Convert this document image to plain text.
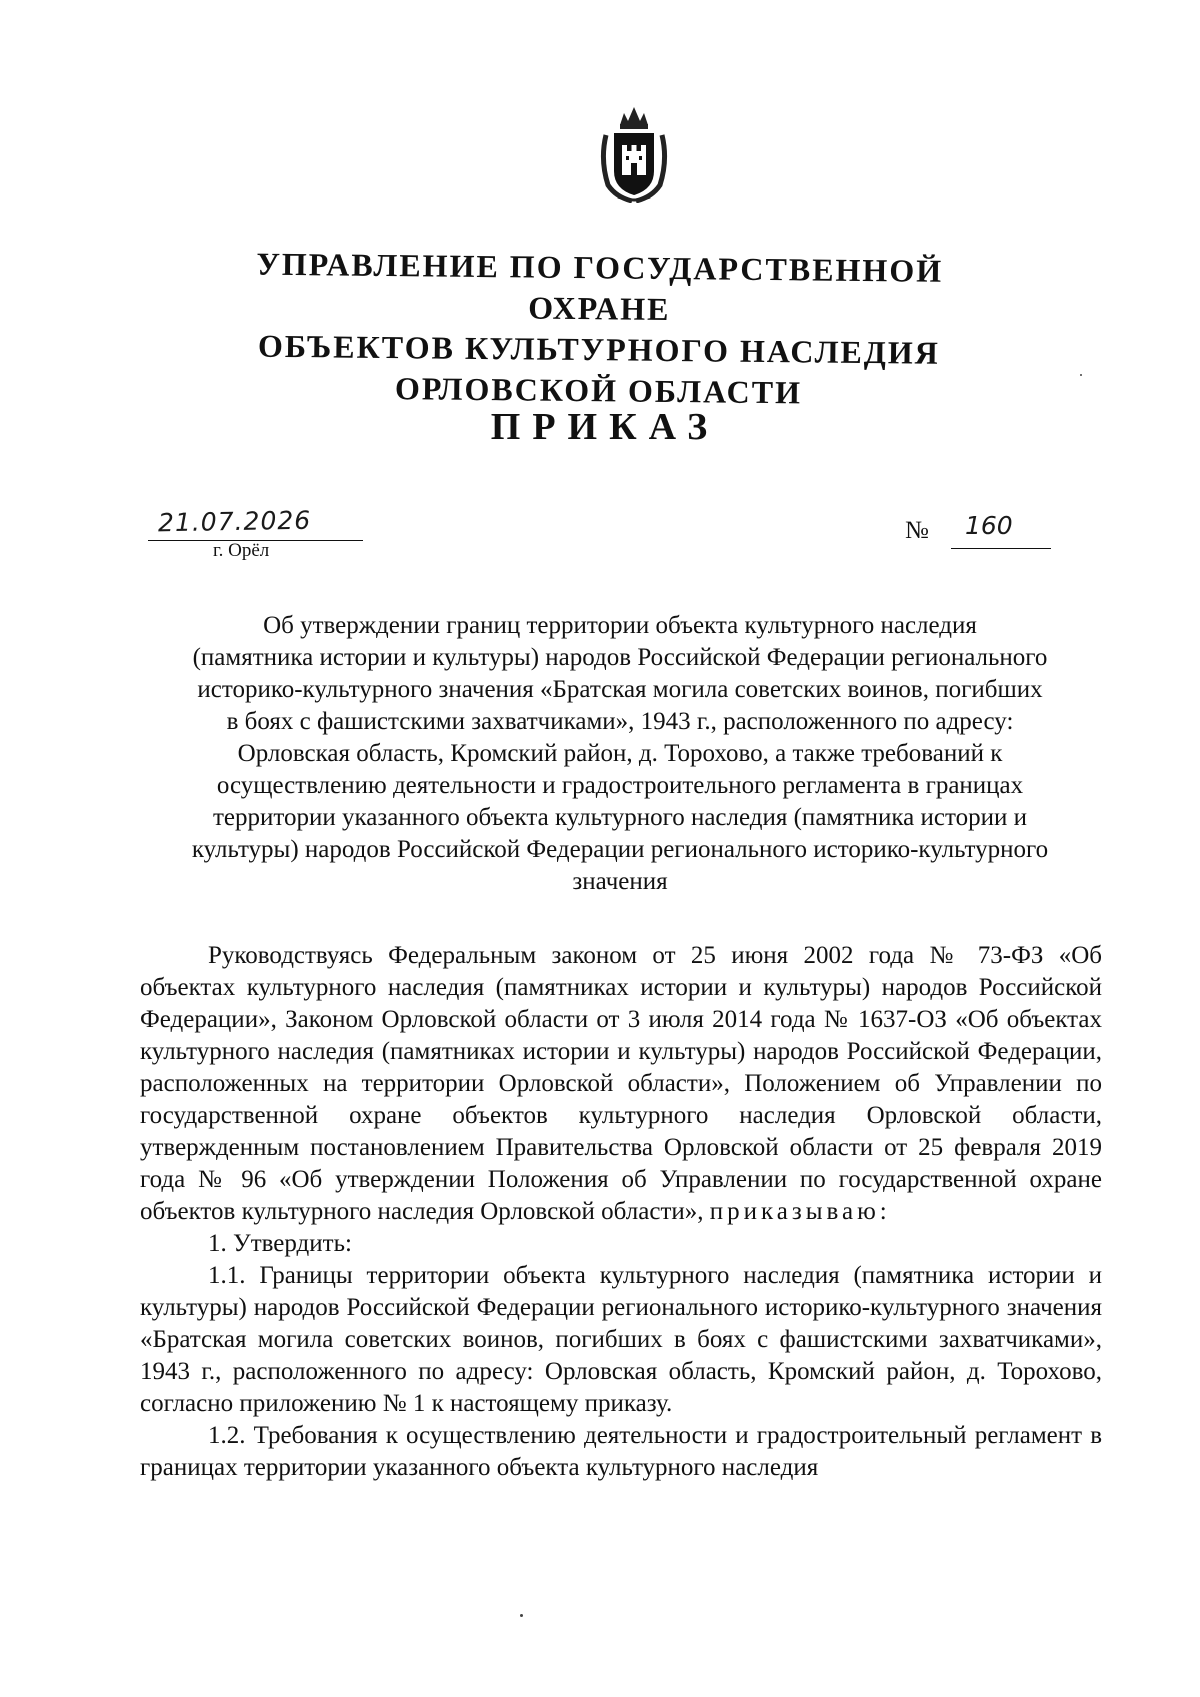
УПРАВЛЕНИЕ ПО ГОСУДАРСТВЕННОЙ ОХРАНЕ
ОБЪЕКТОВ КУЛЬТУРНОГО НАСЛЕДИЯ
ОРЛОВСКОЙ ОБЛАСТИ
ПРИКАЗ
21.07.2026
г. Орёл
№ 160
Об утверждении границ территории объекта культурного наследия
(памятника истории и культуры) народов Российской Федерации регионального
историко-культурного значения «Братская могила советских воинов, погибших
в боях с фашистскими захватчиками», 1943 г., расположенного по адресу:
Орловская область, Кромский район, д. Торохово, а также требований к
осуществлению деятельности и градостроительного регламента в границах
территории указанного объекта культурного наследия (памятника истории и
культуры) народов Российской Федерации регионального историко-культурного
значения

Руководствуясь Федеральным законом от 25 июня 2002 года № 73-ФЗ «Об объектах культурного наследия (памятниках истории и культуры) народов Российской Федерации», Законом Орловской области от 3 июля 2014 года № 1637-ОЗ «Об объектах культурного наследия (памятниках истории и культуры) народов Российской Федерации, расположенных на территории Орловской области», Положением об Управлении по государственной охране объектов культурного наследия Орловской области, утвержденным постановлением Правительства Орловской области от 25 февраля 2019 года № 96 «Об утверждении Положения об Управлении по государственной охране объектов культурного наследия Орловской области», приказываю:

1. Утвердить:

1.1. Границы территории объекта культурного наследия (памятника истории и культуры) народов Российской Федерации регионального историко-культурного значения «Братская могила советских воинов, погибших в боях с фашистскими захватчиками», 1943 г., расположенного по адресу: Орловская область, Кромский район, д. Торохово, согласно приложению № 1 к настоящему приказу.

1.2. Требования к осуществлению деятельности и градостроительный регламент в границах территории указанного объекта культурного наследия
